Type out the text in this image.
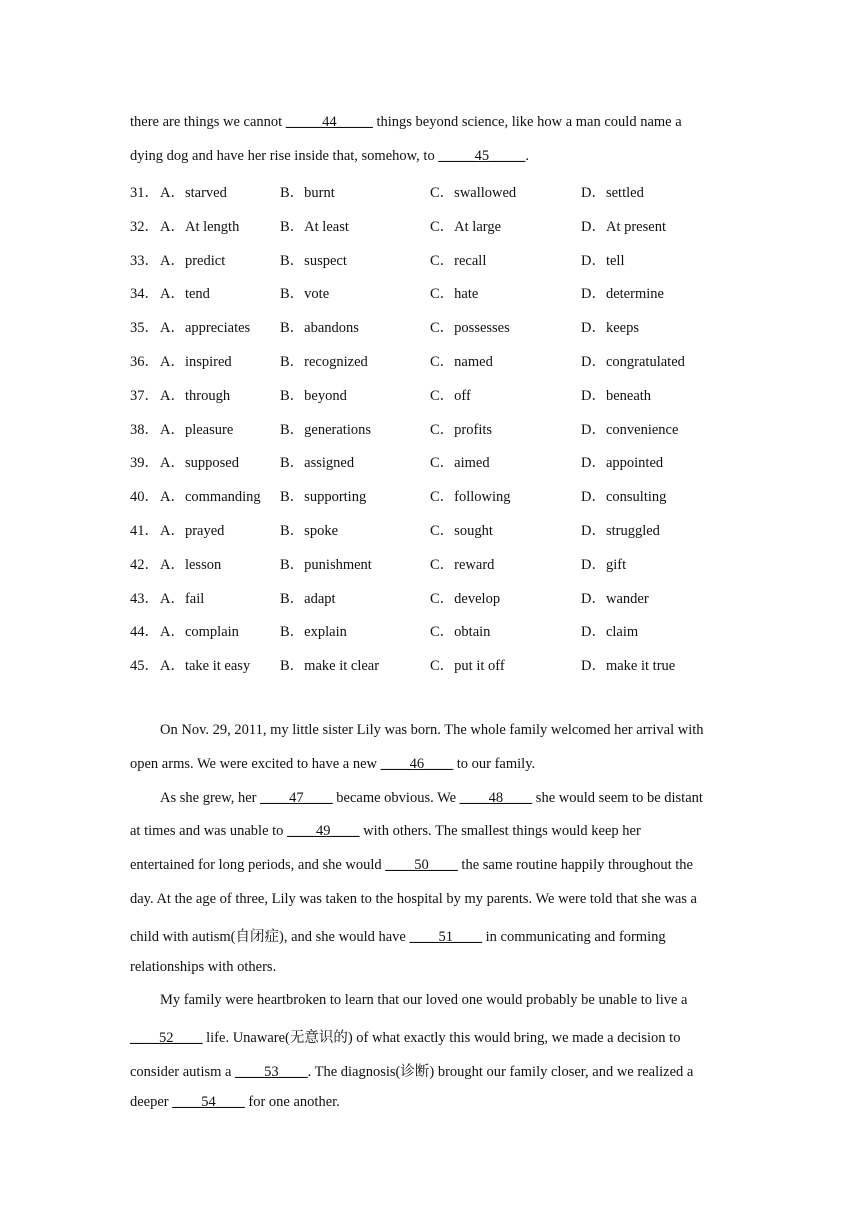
there are things we cannot _____44_____ things beyond science, like how a man could name a
dying dog and have her rise inside that, somehow, to _____45_____.
31． A．starved	B．burnt	C．swallowed	D．settled
32． A．At length	B．At least	C．At large	D．At present
33． A．predict	B．suspect	C．recall	D．tell
34． A．tend	B．vote	C．hate	D．determine
35． A．appreciates B．abandons	C．possesses	D．keeps
36． A．inspired	B．recognized	C．named	D．congratulated
37． A．through	B．beyond	C．off	D．beneath
38． A．pleasure	B．generations	C．profits	D．convenience
39． A．supposed	B．assigned	C．aimed	D．appointed
40． A．commanding B．supporting	C．following	D．consulting
41． A．prayed	B．spoke	C．sought	D．struggled
42． A．lesson	B．punishment	C．reward	D．gift
43． A．fail	B．adapt	C．develop	D．wander
44． A．complain	B．explain	C．obtain	D．claim
45． A．take it easy B．make it clear	C．put it off	D．make it true
On Nov. 29, 2011, my little sister Lily was born. The whole family welcomed her arrival with
open arms. We were excited to have a new ____46____ to our family.
As she grew, her ____47____ became obvious. We ____48____ she would seem to be distant
at times and was unable to ____49____ with others. The smallest things would keep her
entertained for long periods, and she would ____50____ the same routine happily throughout the
day. At the age of three, Lily was taken to the hospital by my parents. We were told that she was a
child with autism(自闭症), and she would have ____51____ in communicating and forming
relationships with others.
My family were heartbroken to learn that our loved one would probably be unable to live a
____52____ life. Unaware(无意识的) of what exactly this would bring, we made a decision to
consider autism a ____53____. The diagnosis(诊断) brought our family closer, and we realized a
deeper ____54____ for one another.
